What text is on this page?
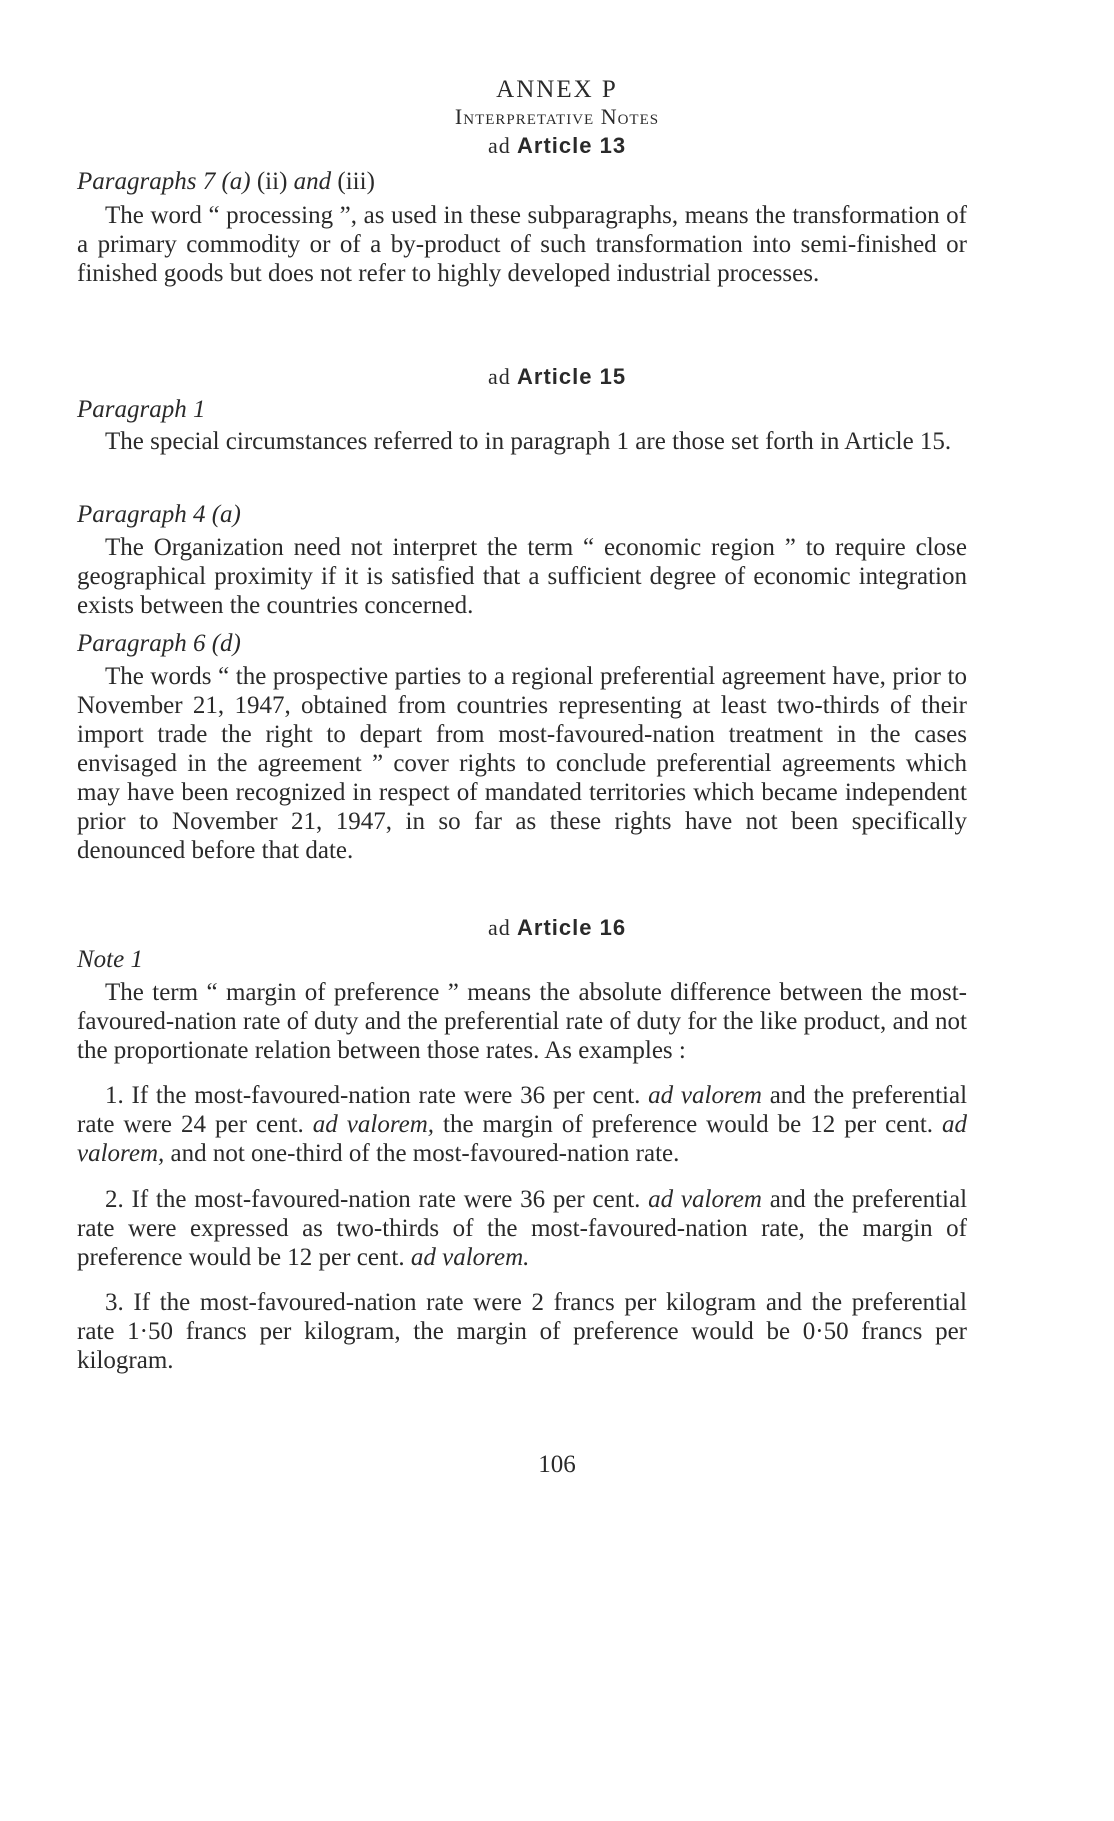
ANNEX P
Interpretative Notes
ad Article 13
Paragraphs 7 (a) (ii) and (iii)
The word “ processing ”, as used in these subparagraphs, means the transformation of a primary commodity or of a by-product of such transformation into semi-finished or finished goods but does not refer to highly developed industrial processes.
ad Article 15
Paragraph 1
The special circumstances referred to in paragraph 1 are those set forth in Article 15.
Paragraph 4 (a)
The Organization need not interpret the term “ economic region ” to require close geographical proximity if it is satisfied that a sufficient degree of economic integration exists between the countries concerned.
Paragraph 6 (d)
The words “ the prospective parties to a regional preferential agreement have, prior to November 21, 1947, obtained from countries representing at least two-thirds of their import trade the right to depart from most-favoured-nation treatment in the cases envisaged in the agreement ” cover rights to conclude preferential agreements which may have been recognized in respect of mandated territories which became independent prior to November 21, 1947, in so far as these rights have not been specifically denounced before that date.
ad Article 16
Note 1
The term “ margin of preference ” means the absolute difference between the most-favoured-nation rate of duty and the preferential rate of duty for the like product, and not the proportionate relation between those rates. As examples :
1. If the most-favoured-nation rate were 36 per cent. ad valorem and the preferential rate were 24 per cent. ad valorem, the margin of preference would be 12 per cent. ad valorem, and not one-third of the most-favoured-nation rate.
2. If the most-favoured-nation rate were 36 per cent. ad valorem and the preferential rate were expressed as two-thirds of the most-favoured-nation rate, the margin of preference would be 12 per cent. ad valorem.
3. If the most-favoured-nation rate were 2 francs per kilogram and the preferential rate 1·50 francs per kilogram, the margin of preference would be 0·50 francs per kilogram.
106
